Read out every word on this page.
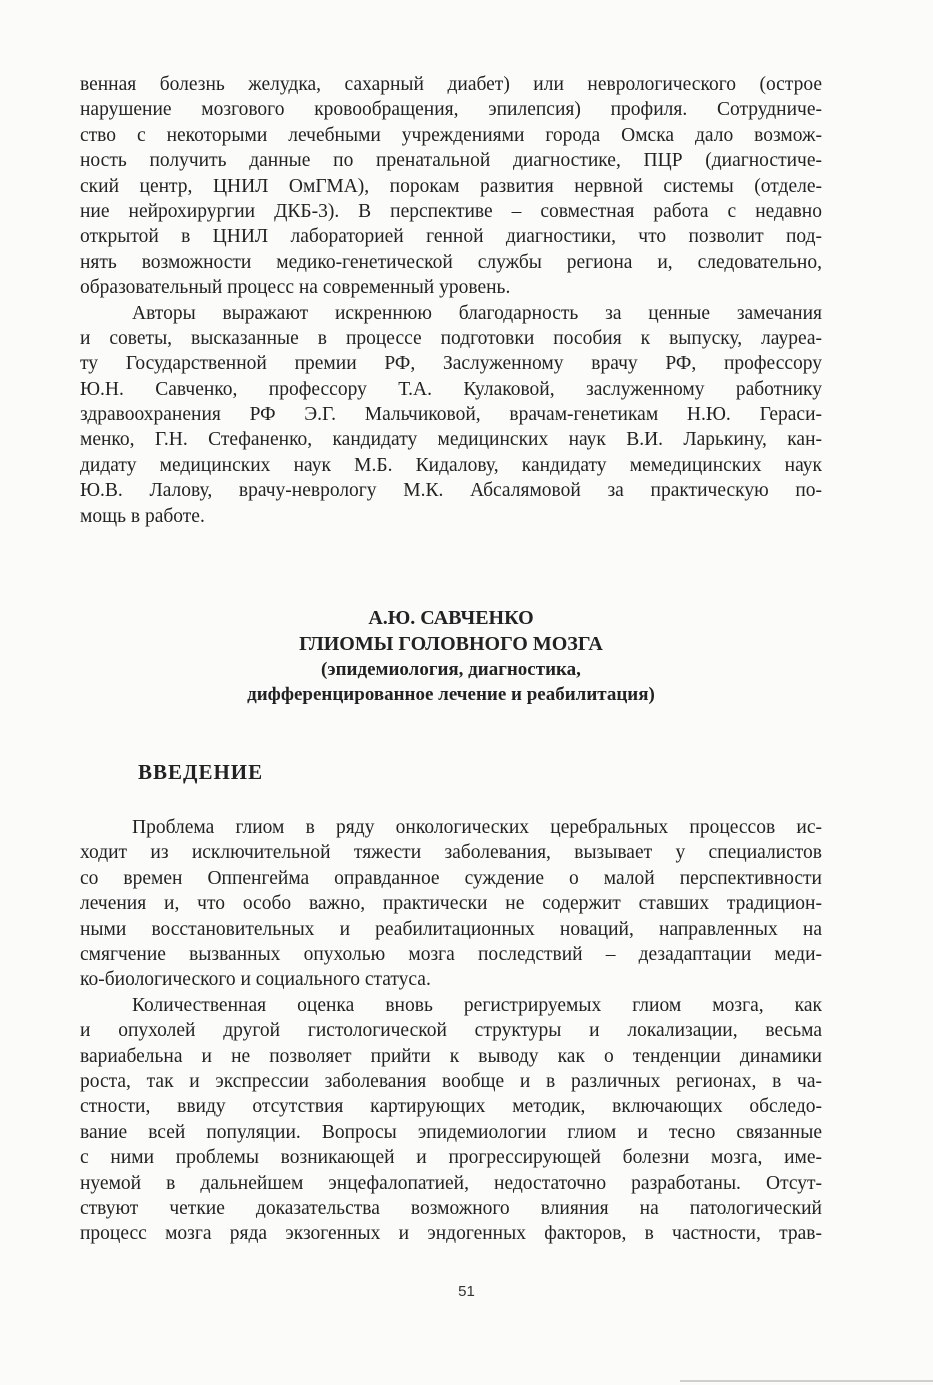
венная болезнь желудка, сахарный диабет) или неврологического (острое
нарушение мозгового кровообращения, эпилепсия) профиля. Сотрудниче-
ство с некоторыми лечебными учреждениями города Омска дало возмож-
ность получить данные по пренатальной диагностике, ПЦР (диагностиче-
ский центр, ЦНИЛ ОмГМА), порокам развития нервной системы (отделе-
ние нейрохирургии ДКБ-3). В перспективе – совместная работа с недавно
открытой в ЦНИЛ лабораторией генной диагностики, что позволит под-
нять возможности медико-генетической службы региона и, следовательно,
образовательный процесс на современный уровень.
Авторы выражают искреннюю благодарность за ценные замечания
и советы, высказанные в процессе подготовки пособия к выпуску, лауреа-
ту Государственной премии РФ, Заслуженному врачу РФ, профессору
Ю.Н. Савченко, профессору Т.А. Кулаковой, заслуженному работнику
здравоохранения РФ Э.Г. Мальчиковой, врачам-генетикам Н.Ю. Гераси-
менко, Г.Н. Стефаненко, кандидату медицинских наук В.И. Ларькину, кан-
дидату медицинских наук М.Б. Кидалову, кандидату мемедицинских наук
Ю.В. Лалову, врачу-неврологу М.К. Абсалямовой за практическую по-
мощь в работе.
А.Ю. САВЧЕНКО
ГЛИОМЫ ГОЛОВНОГО МОЗГА
(эпидемиология, диагностика,
дифференцированное лечение и реабилитация)
ВВЕДЕНИЕ
Проблема глиом в ряду онкологических церебральных процессов ис-
ходит из исключительной тяжести заболевания, вызывает у специалистов
со времен Оппенгейма оправданное суждение о малой перспективности
лечения и, что особо важно, практически не содержит ставших традицион-
ными восстановительных и реабилитационных новаций, направленных на
смягчение вызванных опухолью мозга последствий – дезадаптации меди-
ко-биологического и социального статуса.
Количественная оценка вновь регистрируемых глиом мозга, как
и опухолей другой гистологической структуры и локализации, весьма
вариабельна и не позволяет прийти к выводу как о тенденции динамики
роста, так и экспрессии заболевания вообще и в различных регионах, в ча-
стности, ввиду отсутствия картирующих методик, включающих обследо-
вание всей популяции. Вопросы эпидемиологии глиом и тесно связанные
с ними проблемы возникающей и прогрессирующей болезни мозга, име-
нуемой в дальнейшем энцефалопатией, недостаточно разработаны. Отсут-
ствуют четкие доказательства возможного влияния на патологический
процесс мозга ряда экзогенных и эндогенных факторов, в частности, трав-
51
